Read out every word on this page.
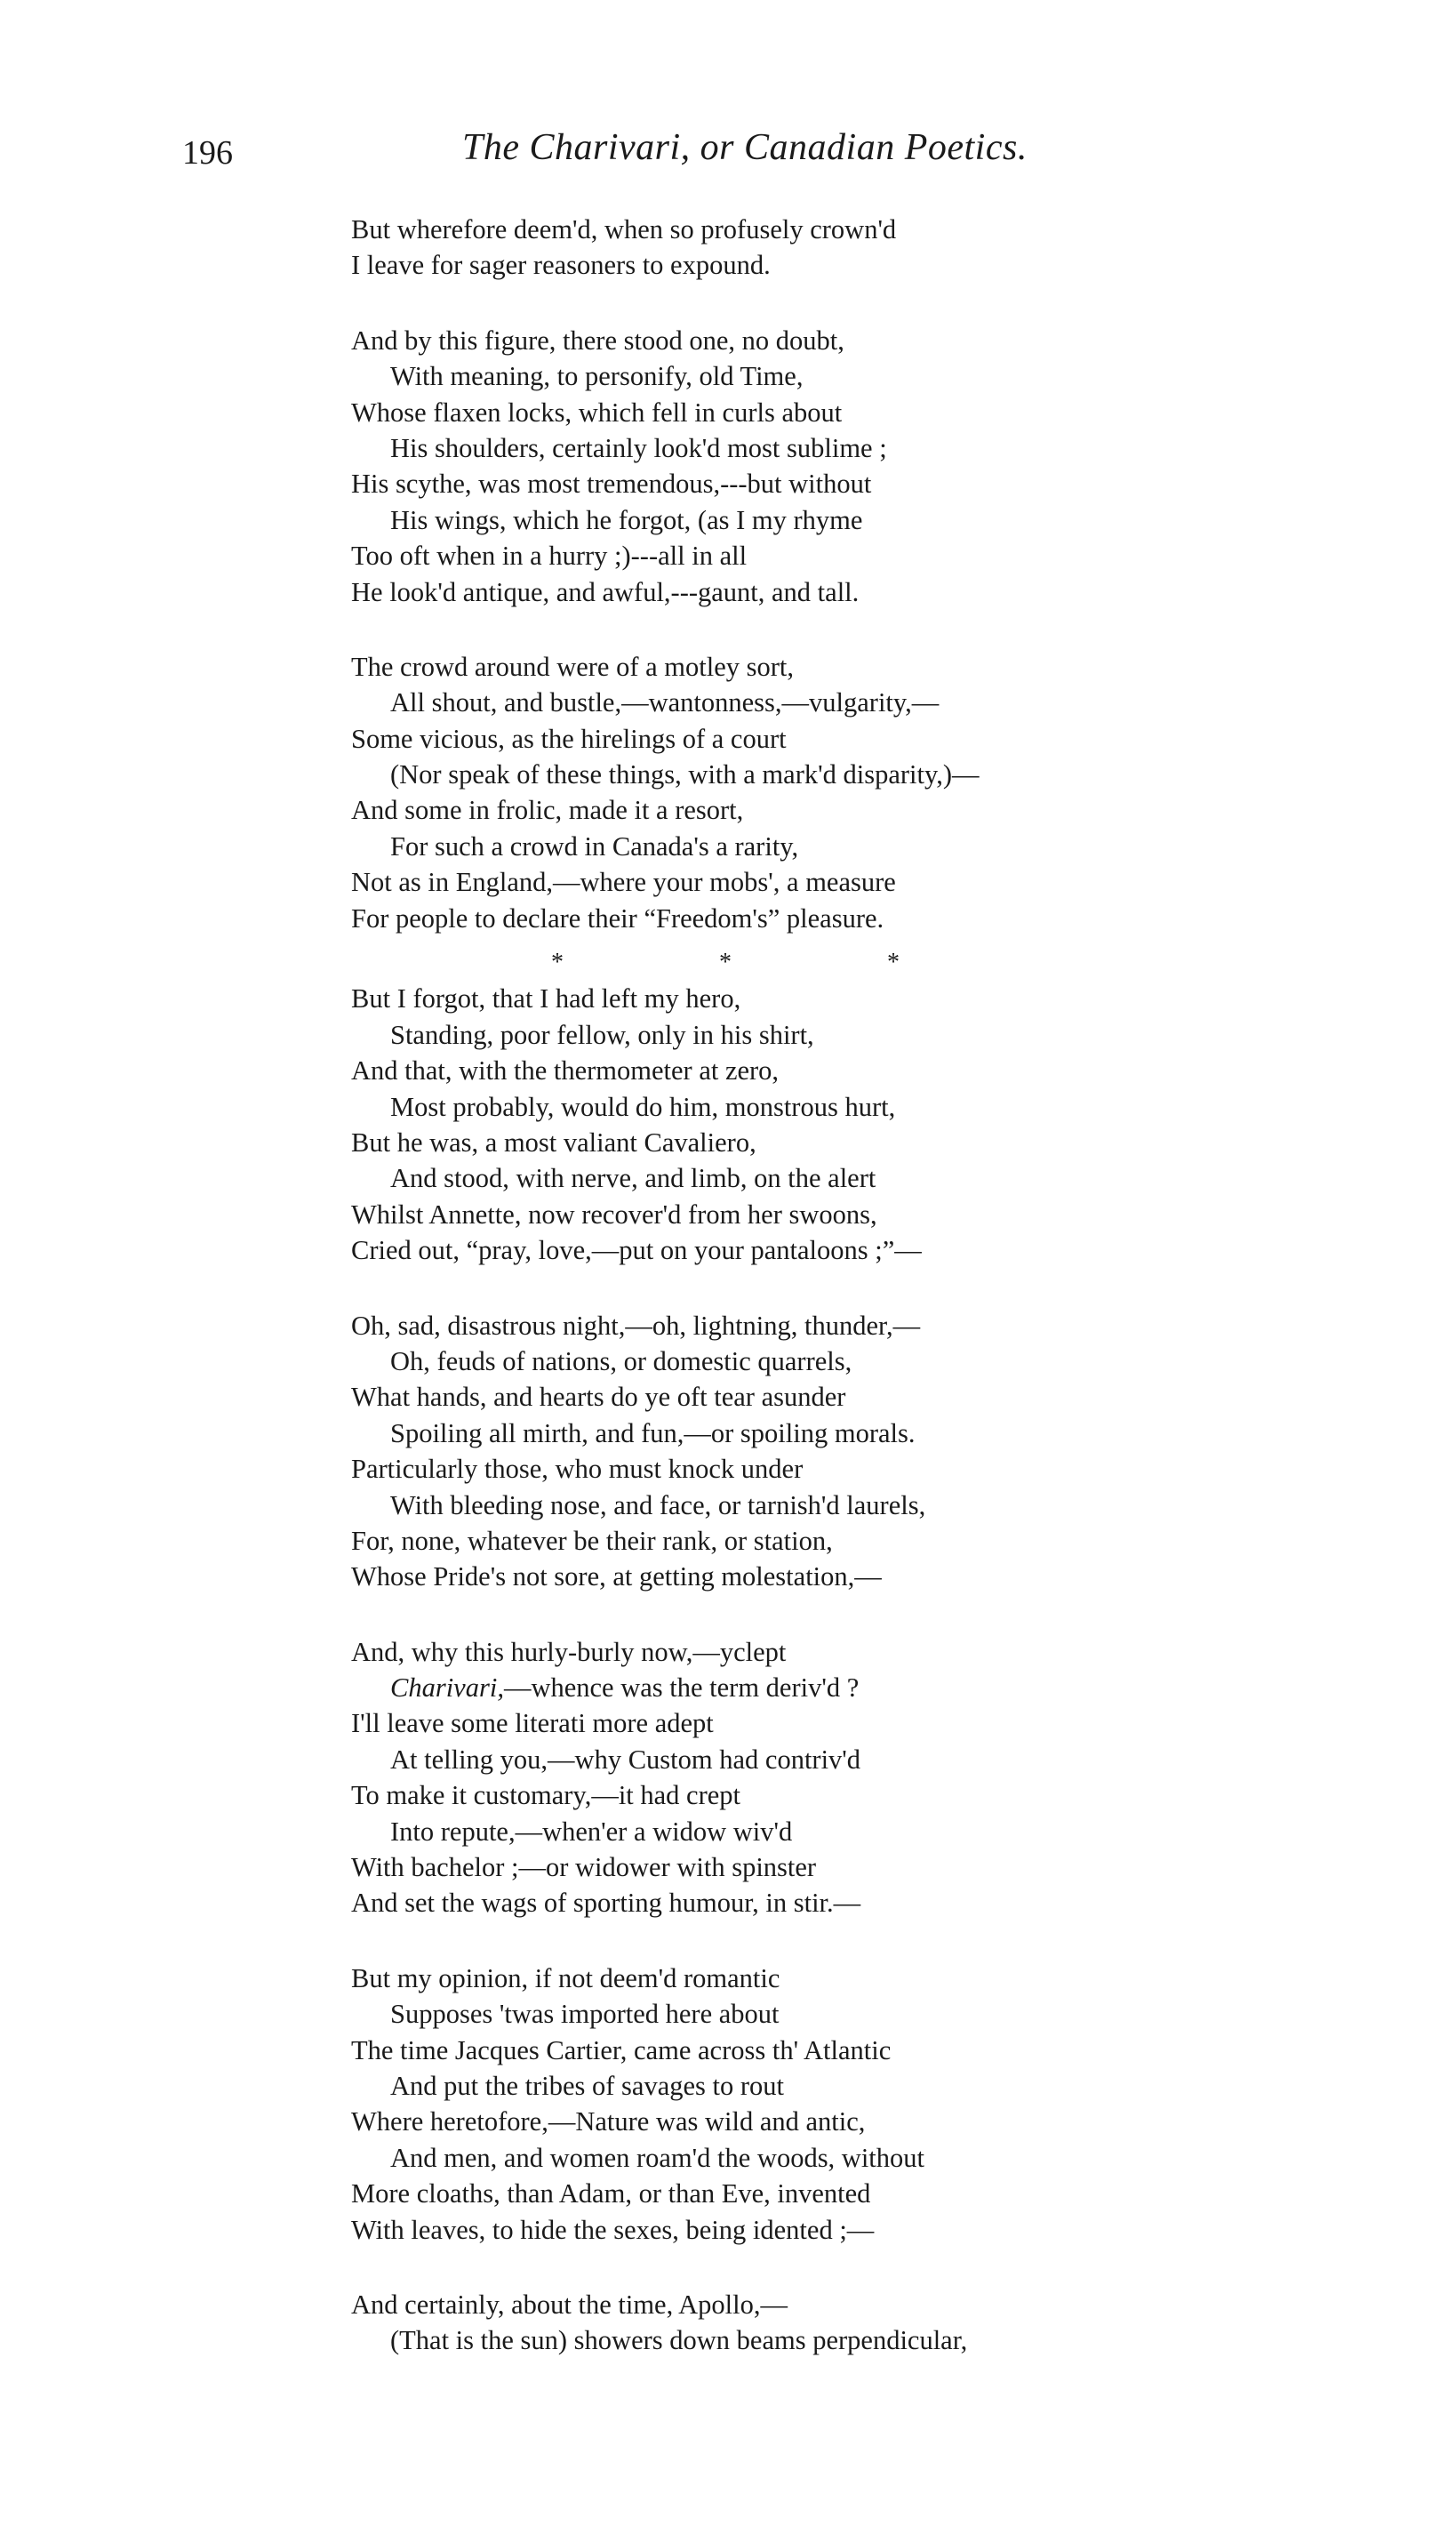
196	The Charivari, or Canadian Poetics.
But wherefore deem'd, when so profusely crown'd
I leave for sager reasoners to expound.
And by this figure, there stood one, no doubt,
With meaning, to personify, old Time,
Whose flaxen locks, which fell in curls about
His shoulders, certainly look'd most sublime ;
His scythe, was most tremendous,---but without
His wings, which he forgot, (as I my rhyme
Too oft when in a hurry ;)---all in all
He look'd antique, and awful,---gaunt, and tall.
The crowd around were of a motley sort,
All shout, and bustle,—wantonness,—vulgarity,—
Some vicious, as the hirelings of a court
(Nor speak of these things, with a mark'd disparity,)—
And some in frolic, made it a resort,
For such a crowd in Canada's a rarity,
Not as in England,—where your mobs', a measure
For people to declare their “Freedom's” pleasure.
*	*	*
But I forgot, that I had left my hero,
Standing, poor fellow, only in his shirt,
And that, with the thermometer at zero,
Most probably, would do him, monstrous hurt,
But he was, a most valiant Cavaliero,
And stood, with nerve, and limb, on the alert
Whilst Annette, now recover'd from her swoons,
Cried out, “pray, love,—put on your pantaloons ;”—
Oh, sad, disastrous night,—oh, lightning, thunder,—
Oh, feuds of nations, or domestic quarrels,
What hands, and hearts do ye oft tear asunder
Spoiling all mirth, and fun,—or spoiling morals.
Particularly those, who must knock under
With bleeding nose, and face, or tarnish'd laurels,
For, none, whatever be their rank, or station,
Whose Pride's not sore, at getting molestation,—
And, why this hurly-burly now,—yclept
Charivari,—whence was the term deriv'd ?
I'll leave some literati more adept
At telling you,—why Custom had contriv'd
To make it customary,—it had crept
Into repute,—when'er a widow wiv'd
With bachelor ;—or widower with spinster
And set the wags of sporting humour, in stir.—
But my opinion, if not deem'd romantic
Supposes 'twas imported here about
The time Jacques Cartier, came across th' Atlantic
And put the tribes of savages to rout
Where heretofore,—Nature was wild and antic,
And men, and women roam'd the woods, without
More cloaths, than Adam, or than Eve, invented
With leaves, to hide the sexes, being idented ;—
And certainly, about the time, Apollo,—
(That is the sun) showers down beams perpendicular,
